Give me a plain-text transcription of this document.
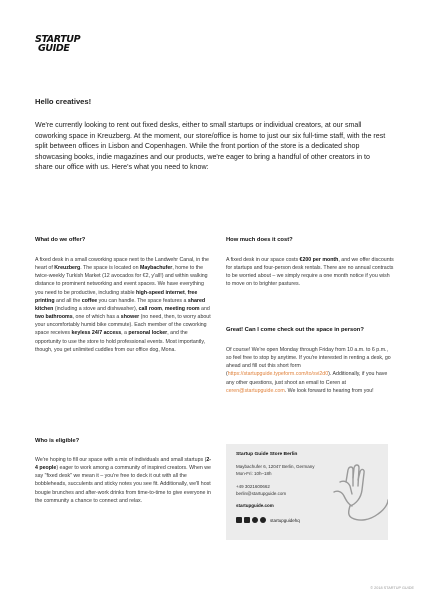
STARTUP
GUIDE
Hello creatives!

We're currently looking to rent out fixed desks, either to small startups or individual creators, at our small coworking space in Kreuzberg. At the moment, our store/office is home to just our six full-time staff, with the rest split between offices in Lisbon and Copenhagen. While the front portion of the store is a dedicated shop showcasing books, indie magazines and our products, we're eager to bring a handful of other creators in to share our office with us. Here's what you need to know:

What do we offer?

A fixed desk in a small coworking space next to the Landwehr Canal, in the heart of Kreuzberg. The space is located on Maybachufer, home to the twice-weekly Turkish Market (12 avocados for €2, y'all!) and within walking distance to prominent networking and event spaces. We have everything you need to be productive, including stable high-speed internet, free printing and all the coffee you can handle. The space features a shared kitchen (including a stove and dishwasher), call room, meeting room and two bathrooms, one of which has a shower (no need, then, to worry about your uncomfortably humid bike commute). Each member of the coworking space receives keyless 24/7 access, a personal locker, and the opportunity to use the store to hold professional events. Most importantly, though, you get unlimited cuddles from our office dog, Mona.

How much does it cost?

A fixed desk in our space costs €200 per month, and we offer discounts for startups and four-person desk rentals. There are no annual contracts to be worried about – we simply require a one month notice if you wish to move on to brighter pastures.

Great! Can I come check out the space in person?

Of course! We're open Monday through Friday from 10 a.m. to 6 p.m., so feel free to stop by anytime. If you're interested in renting a desk, go ahead and fill out this short form (https://startupguide.typeform.com/to/svi2d0). Additionally, if you have any other questions, just shoot an email to Ceren at ceren@startupguide.com. We look forward to hearing from you!

Who is eligible?

We're hoping to fill our space with a mix of individuals and small startups (2-4 people) eager to work among a community of inspired creators. When we say "fixed desk" we mean it – you're free to deck it out with all the bobbleheads, succulents and sticky notes you see fit. Additionally, we'll host bougie brunches and after-work drinks from time-to-time to give everyone in the community a chance to connect and relax.

Startup Guide Store Berlin
Maybachufer 6, 12047 Berlin, Germany
Mon-Fri: 10h–18h
+49 3021600662
berlin@startupguide.com
startupguide.com
startupguidehq
© 2018 STARTUP GUIDE
